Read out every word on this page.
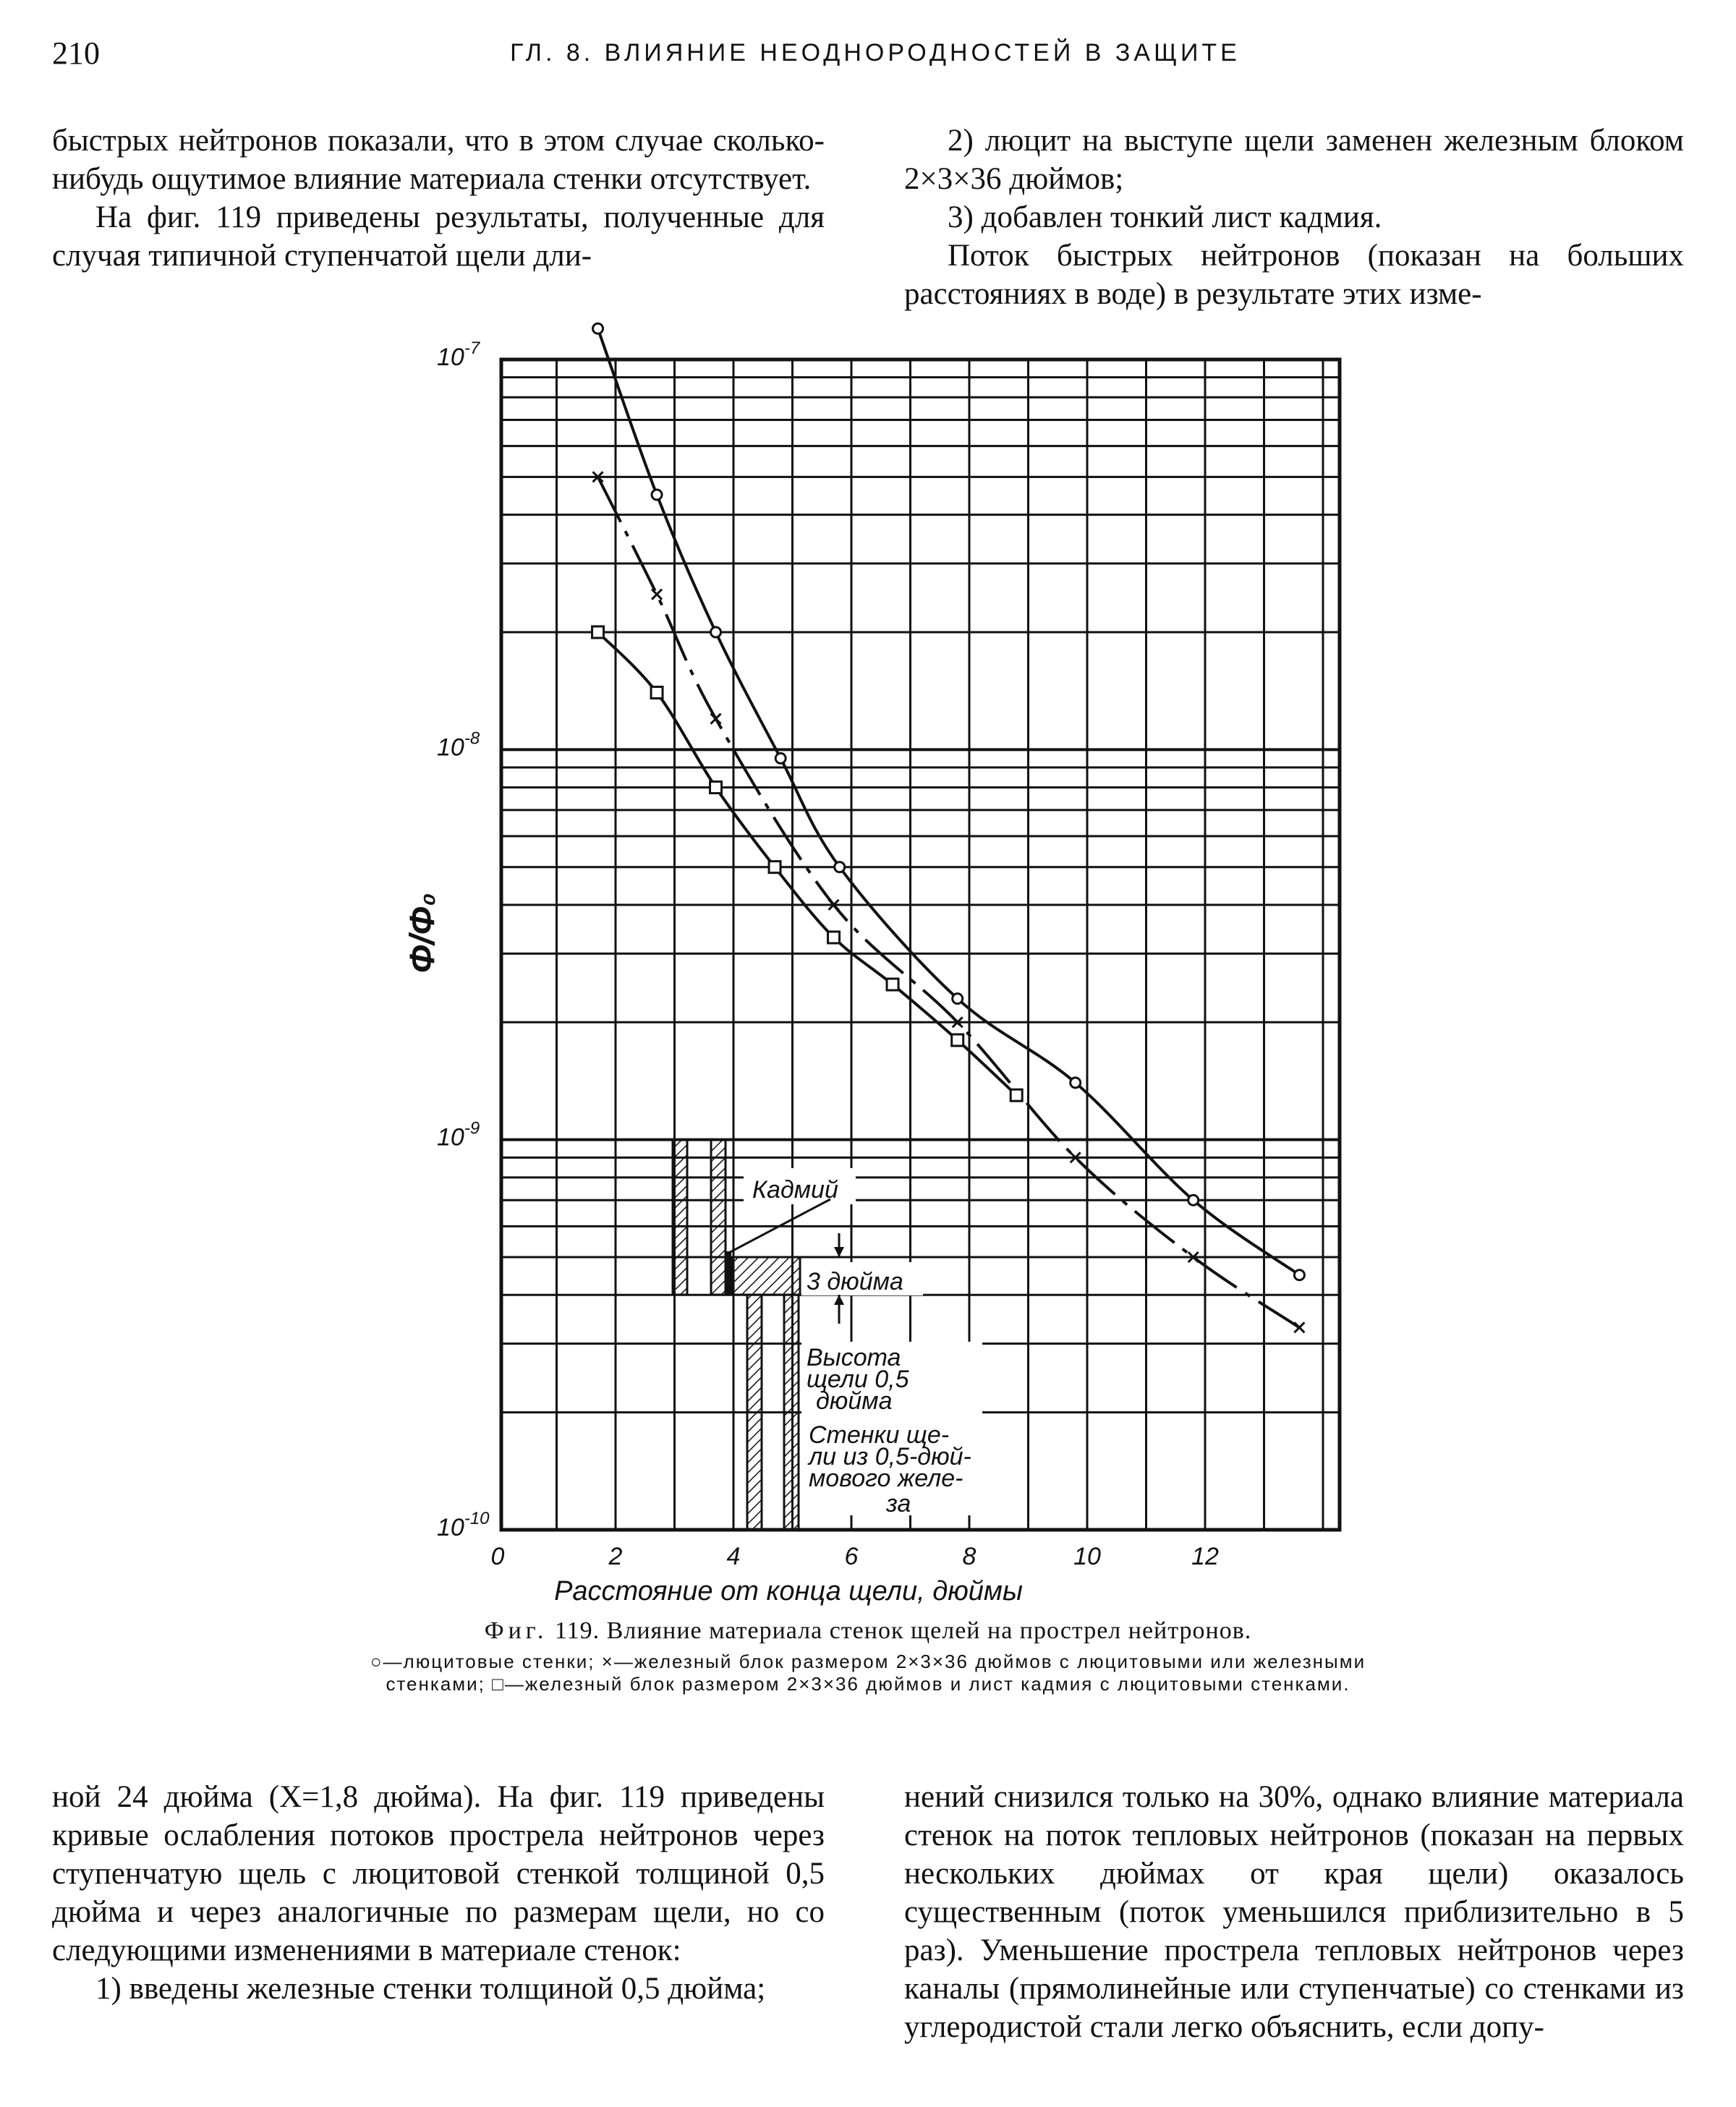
210	ГЛ. 8. ВЛИЯНИЕ НЕОДНОРОДНОСТЕЙ В ЗАЩИТЕ

быстрых нейтронов показали, что в этом случае сколько-нибудь ощутимое влияние материала стенки отсутствует.

На фиг. 119 приведены результаты, полученные для случая типичной ступенчатой щели дли-

2) люцит на выступе щели заменен железным блоком 2×3×36 дюймов;

3) добавлен тонкий лист кадмия.

Поток быстрых нейтронов (показан на больших расстояниях в воде) в результате этих изме-

0	2	4	6	8	10	12
$10^{-7}$
$10^{-8}$
$10^{-9}$
$10^{-10}$
Кадмий
3 дюйма
Высота
щели 0,5
дюйма
Стенки ще-
ли из 0,5-дюй-
мового желе-
за
Расстояние от конца щели, дюймы
Φ/Φ₀
Фиг. 119. Влияние материала стенок щелей на прострел нейтронов.
○—люцитовые стенки; ×—железный блок размером 2×3×36 дюймов с люцитовыми или железными стенками; □—железный блок размером 2×3×36 дюймов и лист кадмия с люцитовыми стенками.

ной 24 дюйма (X=1,8 дюйма). На фиг. 119 приведены кривые ослабления потоков прострела нейтронов через ступенчатую щель с люцитовой стенкой толщиной 0,5 дюйма и через аналогичные по размерам щели, но со следующими изменениями в материале стенок:

1) введены железные стенки толщиной 0,5 дюйма;

нений снизился только на 30%, однако влияние материала стенок на поток тепловых нейтронов (показан на первых нескольких дюймах от края щели) оказалось существенным (поток уменьшился приблизительно в 5 раз). Уменьшение прострела тепловых нейтронов через каналы (прямолинейные или ступенчатые) со стенками из углеродистой стали легко объяснить, если допу-
